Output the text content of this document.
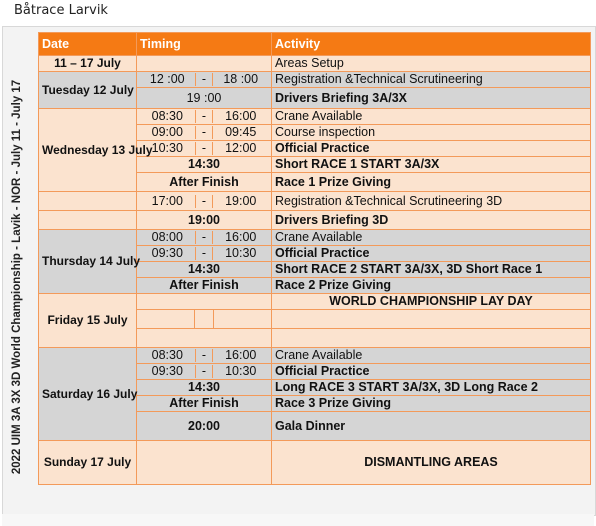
Båtrace Larvik
2022 UIM 3A 3X 3D World Championship - Lavik - NOR - July 11 - July 17
Date	Timing	Activity
11 – 17 July		Areas Setup
Tuesday 12 July	12 :00 - 18 :00	Registration &Technical Scrutineering
	19 :00	Drivers Briefing 3A/3X
Wednesday 13 July	08:30 - 16:00	Crane Available

	09:00 - 09:45	Course inspection

	10:30 - 12:00	Official Practice
	14:30	Short RACE 1 START 3A/3X
	After Finish	Race 1 Prize Giving

	17:00 - 19:00	Registration &Technical Scrutineering 3D
	19:00	Drivers Briefing 3D
Thursday 14 July	08:00 - 16:00	Crane Available

	09:30 - 10:30	Official Practice
	14:30	Short RACE 2 START 3A/3X, 3D Short Race 1
	After Finish	Race 2 Prize Giving
Friday 15 July		WORLD CHAMPIONSHIP LAY DAY

Saturday 16 July	08:30 - 16:00	Crane Available

	09:30 - 10:30	Official Practice
	14:30	Long RACE 3 START 3A/3X, 3D Long Race 2
	After Finish	Race 3 Prize Giving
	20:00	Gala Dinner
Sunday 17 July		DISMANTLING AREAS
